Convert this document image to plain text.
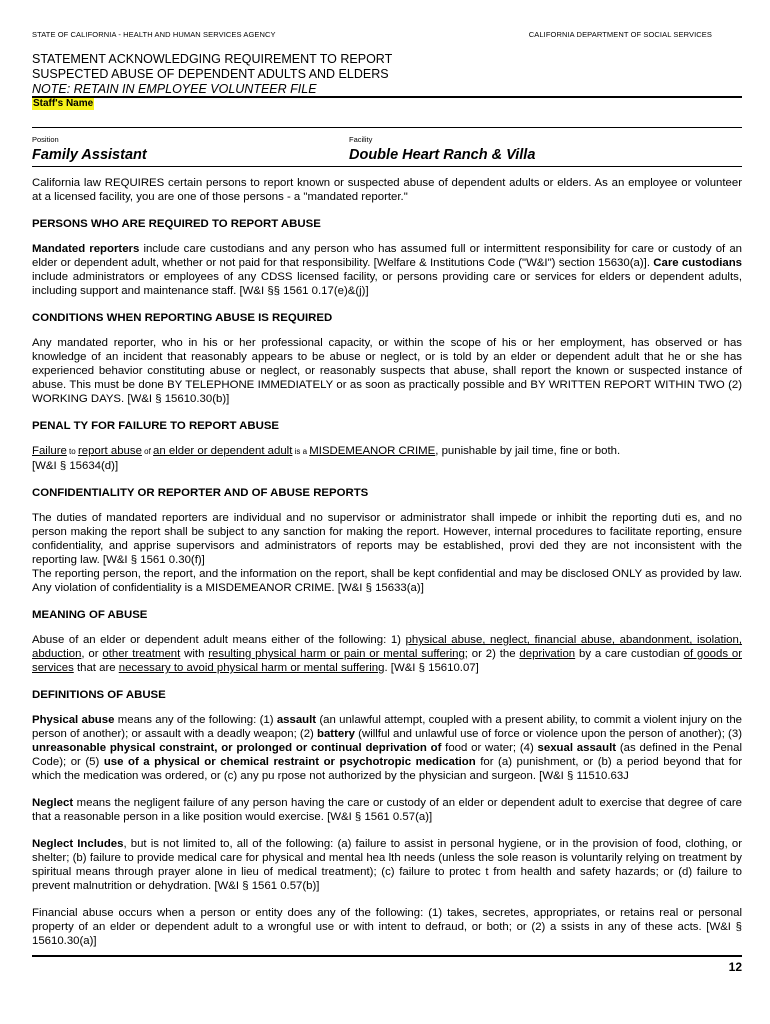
STATE OF CALIFORNIA - HEALTH AND HUMAN SERVICES AGENCY	CALIFORNIA DEPARTMENT OF SOCIAL SERVICES
STATEMENT ACKNOWLEDGING REQUIREMENT TO REPORT
SUSPECTED ABUSE OF DEPENDENT ADULTS AND ELDERS
NOTE: RETAIN IN EMPLOYEE VOLUNTEER FILE
Staff's Name
Position
Family Assistant
Facility
Double Heart Ranch & Villa

California law REQUIRES certain persons to report known or suspected abuse of dependent adults or elders. As an employee or volunteer at a licensed facility, you are one of those persons - a "mandated reporter."

PERSONS WHO ARE REQUIRED TO REPORT ABUSE

Mandated reporters include care custodians and any person who has assumed full or intermittent responsibility for care or custody of an elder or dependent adult, whether or not paid for that responsibility. [Welfare & Institutions Code ("W&I") section 15630(a)]. Care custodians include administrators or employees of any CDSS licensed facility, or persons providing care or services for elders or dependent adults, including support and maintenance staff. [W&I §§ 1561 0.17(e)&(j)]

CONDITIONS WHEN REPORTING ABUSE IS REQUIRED

Any mandated reporter, who in his or her professional capacity, or within the scope of his or her employment, has observed or has knowledge of an incident that reasonably appears to be abuse or neglect, or is told by an elder or dependent adult that he or she has experienced behavior constituting abuse or neglect, or reasonably suspects that abuse, shall report the known or suspected instance of abuse. This must be done BY TELEPHONE IMMEDIATELY or as soon as practically possible and BY WRITTEN REPORT WITHIN TWO (2) WORKING DAYS. [W&I § 15610.30(b)]

PENAL TY FOR FAILURE TO REPORT ABUSE

Failure to report abuse of an elder or dependent adult is a MISDEMEANOR CRIME, punishable by jail time, fine or both.
[W&I § 15634(d)]

CONFIDENTIALITY OR REPORTER AND OF ABUSE REPORTS

The duties of mandated reporters are individual and no supervisor or administrator shall impede or inhibit the reporting duti es, and no person making the report shall be subject to any sanction for making the report. However, internal procedures to facilitate reporting, ensure confidentiality, and apprise supervisors and administrators of reports may be established, provi ded they are not inconsistent with the reporting law. [W&I § 1561 0.30(f)]
The reporting person, the report, and the information on the report, shall be kept confidential and may be disclosed ONLY as provided by law. Any violation of confidentiality is a MISDEMEANOR CRIME. [W&I § 15633(a)]

MEANING OF ABUSE

Abuse of an elder or dependent adult means either of the following: 1) physical abuse, neglect, financial abuse, abandonment, isolation, abduction, or other treatment with resulting physical harm or pain or mental suffering; or 2) the deprivation by a care custodian of goods or services that are necessary to avoid physical harm or mental suffering. [W&I § 15610.07]

DEFINITIONS OF ABUSE

Physical abuse means any of the following: (1) assault (an unlawful attempt, coupled with a present ability, to commit a violent injury on the person of another); or assault with a deadly weapon; (2) battery (willful and unlawful use of force or violence upon the person of another); (3) unreasonable physical constraint, or prolonged or continual deprivation of food or water; (4) sexual assault (as defined in the Penal Code); or (5) use of a physical or chemical restraint or psychotropic medication for (a) punishment, or (b) a period beyond that for which the medication was ordered, or (c) any pu rpose not authorized by the physician and surgeon. [W&I § 11510.63J

Neglect means the negligent failure of any person having the care or custody of an elder or dependent adult to exercise that degree of care that a reasonable person in a like position would exercise. [W&I § 1561 0.57(a)]

Neglect Includes, but is not limited to, all of the following: (a) failure to assist in personal hygiene, or in the provision of food, clothing, or shelter; (b) failure to provide medical care for physical and mental hea lth needs (unless the sole reason is voluntarily relying on treatment by spiritual means through prayer alone in lieu of medical treatment); (c) failure to protec t from health and safety hazards; or (d) failure to prevent malnutrition or dehydration. [W&I § 1561 0.57(b)]

Financial abuse occurs when a person or entity does any of the following: (1) takes, secretes, appropriates, or retains real or personal property of an elder or dependent adult to a wrongful use or with intent to defraud, or both; or (2) a ssists in any of these acts. [W&I § 15610.30(a)]

12
